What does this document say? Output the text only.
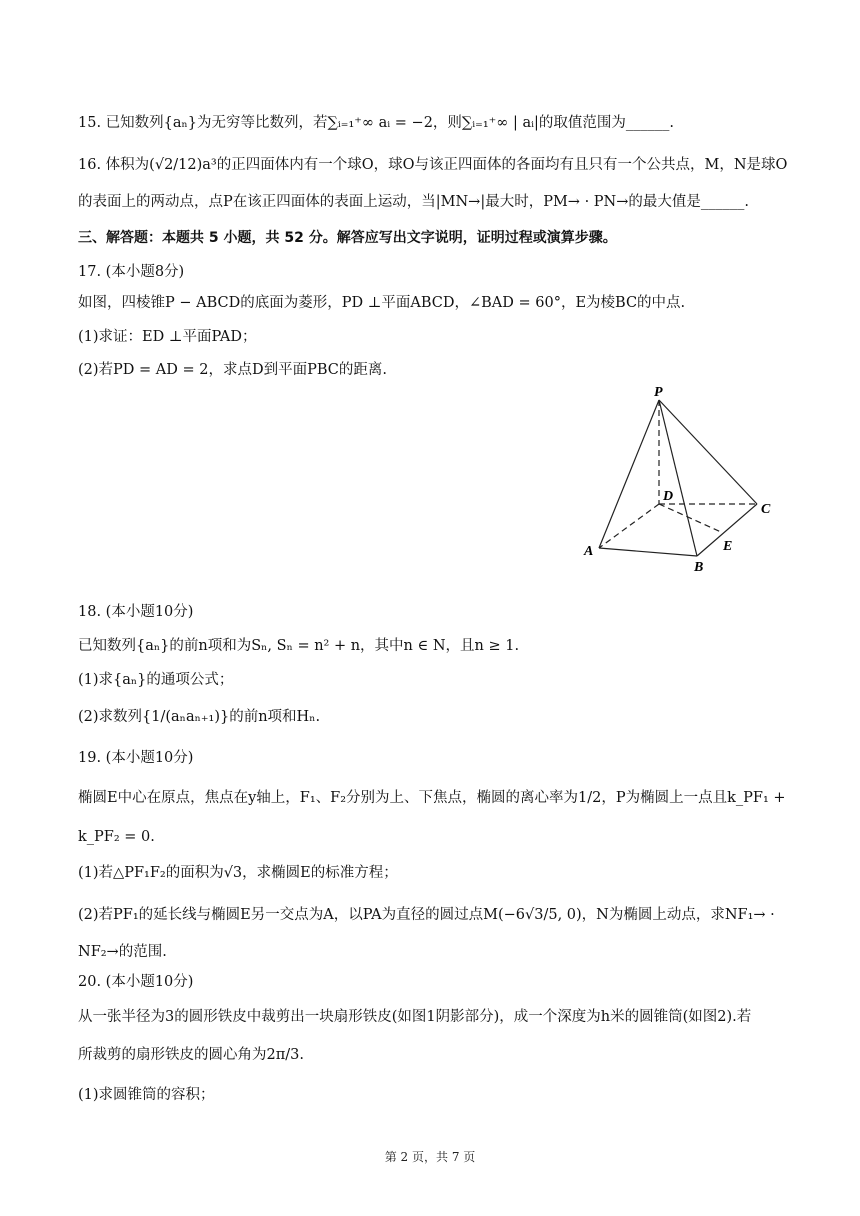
15. 已知数列{aₙ}为无穷等比数列，若∑ᵢ₌₁⁺∞ aᵢ = −2，则∑ᵢ₌₁⁺∞ | aᵢ|的取值范围为______.
16. 体积为(√2/12)a³的正四面体内有一个球O，球O与该正四面体的各面均有且只有一个公共点，M，N是球O
的表面上的两动点，点P在该正四面体的表面上运动，当|MN→|最大时，PM→ · PN→的最大值是______.
三、解答题：本题共 5 小题，共 52 分。解答应写出文字说明，证明过程或演算步骤。
17. (本小题8分)
如图，四棱锥P − ABCD的底面为菱形，PD ⊥平面ABCD，∠BAD = 60°，E为棱BC的中点.
(1)求证：ED ⊥平面PAD；
(2)若PD = AD = 2，求点D到平面PBC的距离.
P
D
C
A	E
B
18. (本小题10分)
已知数列{aₙ}的前n项和为Sₙ, Sₙ = n² + n，其中n ∈ N，且n ≥ 1.
(1)求{aₙ}的通项公式；
(2)求数列{1/(aₙaₙ₊₁)}的前n项和Hₙ.
19. (本小题10分)
椭圆E中心在原点，焦点在y轴上，F₁、F₂分别为上、下焦点，椭圆的离心率为1/2，P为椭圆上一点且k_PF₁ +
k_PF₂ = 0.
(1)若△PF₁F₂的面积为√3，求椭圆E的标准方程；
(2)若PF₁的延长线与椭圆E另一交点为A，以PA为直径的圆过点M(−6√3/5, 0)，N为椭圆上动点，求NF₁→ ·
NF₂→的范围.
20. (本小题10分)
从一张半径为3的圆形铁皮中裁剪出一块扇形铁皮(如图1阴影部分)，成一个深度为h米的圆锥筒(如图2).若
所裁剪的扇形铁皮的圆心角为2π/3.
(1)求圆锥筒的容积；
第 2 页，共 7 页
